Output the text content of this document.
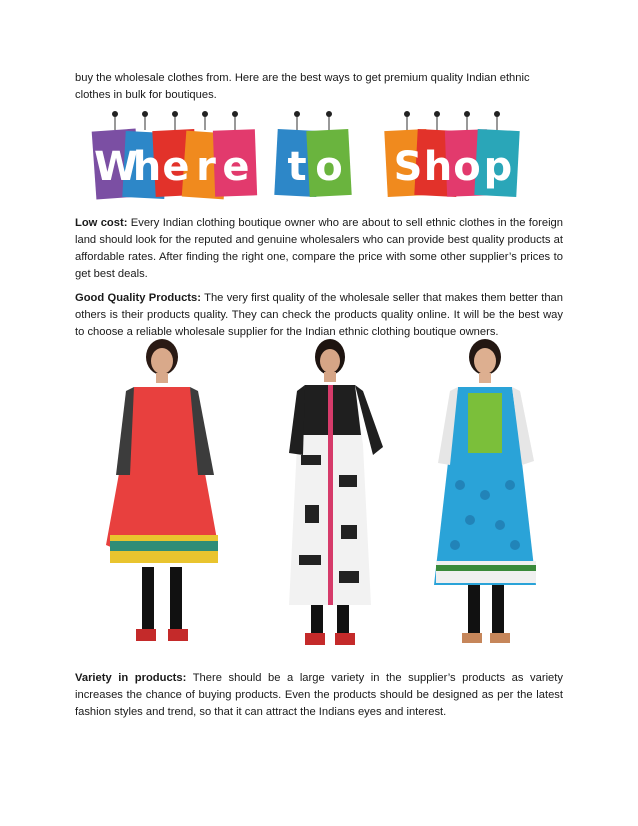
buy the wholesale clothes from. Here are the best ways to get premium quality Indian ethnic clothes in bulk for boutiques.

W
h e r e t o S h o p

Low cost: Every Indian clothing boutique owner who are about to sell ethnic clothes in the foreign land should look for the reputed and genuine wholesalers who can provide best quality products at affordable rates. After finding the right one, compare the price with some other supplier’s prices to get best deals.

Good Quality Products: The very first quality of the wholesale seller that makes them better than others is their products quality. They can check the products quality online. It will be the best way to choose a reliable wholesale supplier for the Indian ethnic clothing boutique owners.

Variety in products: There should be a large variety in the supplier’s products as variety increases the chance of buying products. Even the products should be designed as per the latest fashion styles and trend, so that it can attract the Indians eyes and interest.
